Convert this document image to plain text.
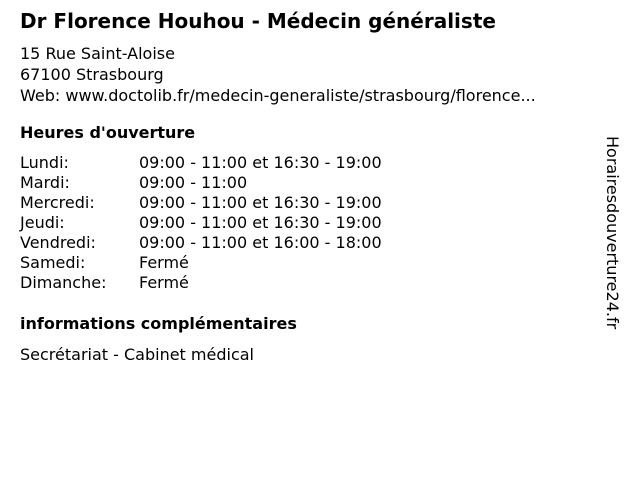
Dr Florence Houhou - Médecin généraliste
15 Rue Saint-Aloise
67100 Strasbourg
Web: www.doctolib.fr/medecin-generaliste/strasbourg/florence...
Heures d'ouverture
Lundi:	09:00 - 11:00 et 16:30 - 19:00
Mardi:	09:00 - 11:00
Mercredi:	09:00 - 11:00 et 16:30 - 19:00
Jeudi:	09:00 - 11:00 et 16:30 - 19:00
Vendredi:	09:00 - 11:00 et 16:00 - 18:00
Samedi:	Fermé
Dimanche:	Fermé
informations complémentaires
Secrétariat - Cabinet médical
Horairesdouverture24.fr
